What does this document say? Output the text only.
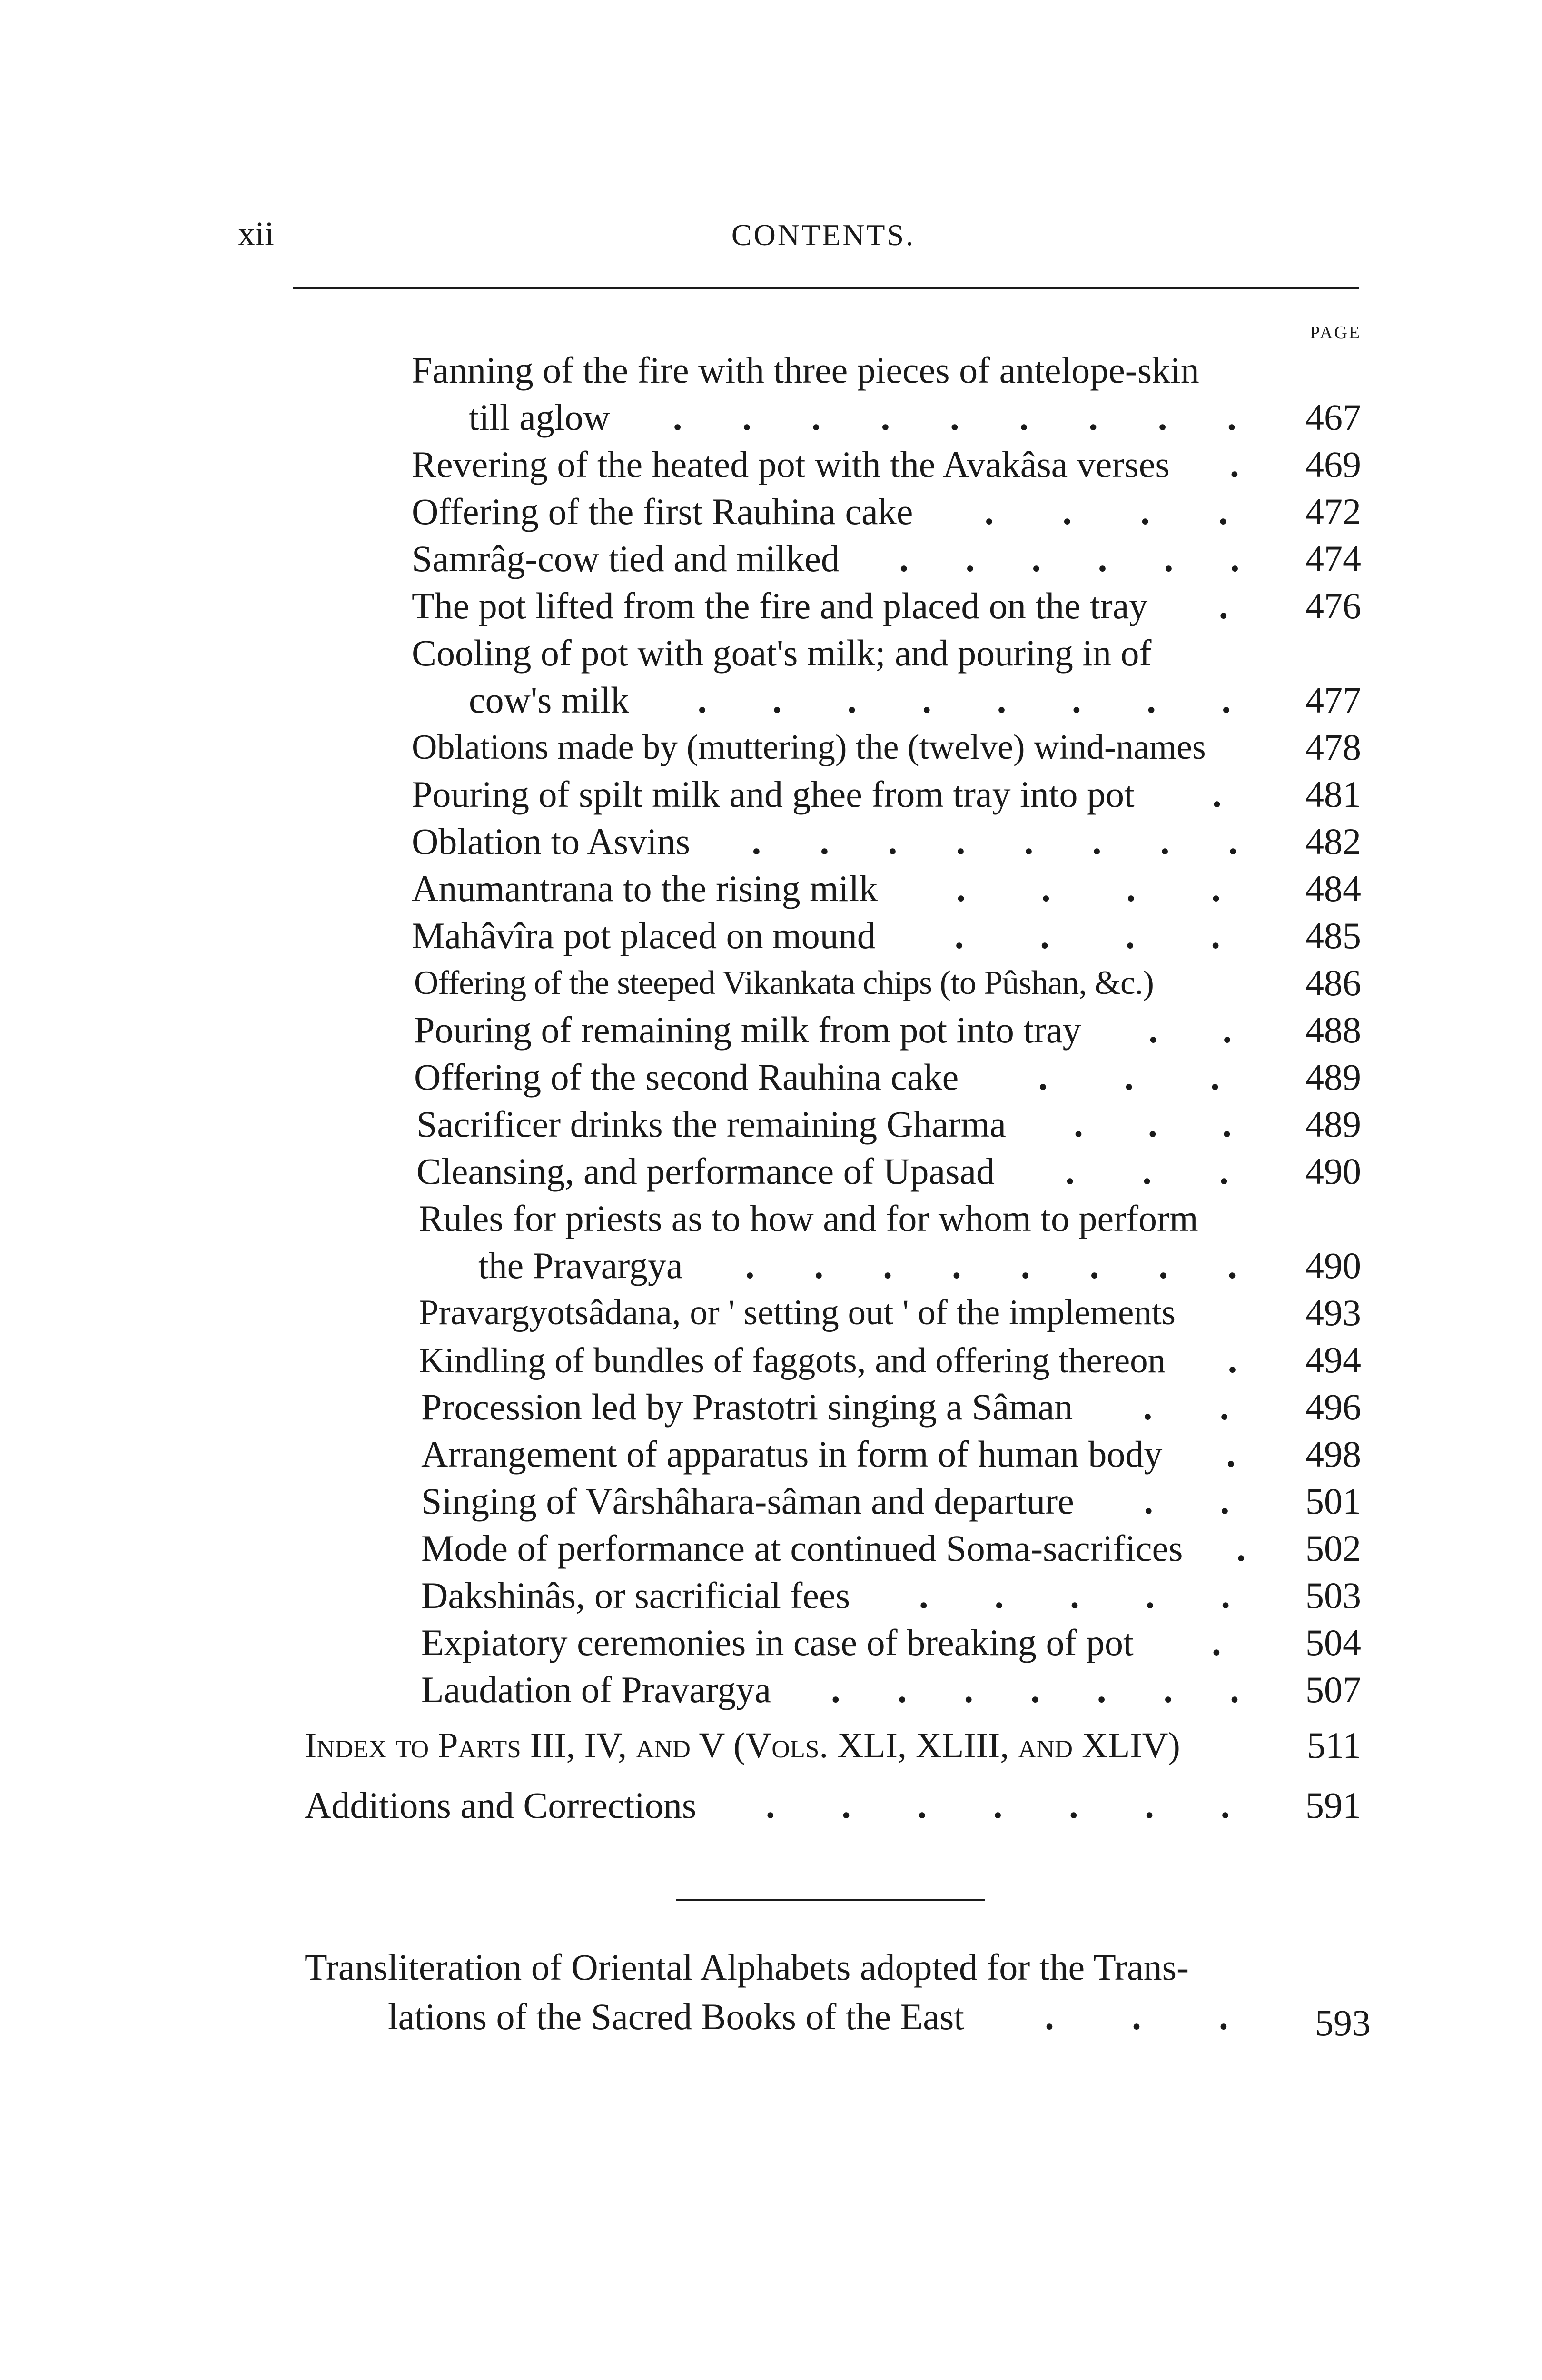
xii	CONTENTS.
PAGE
Fanning of the fire with three pieces of antelope-skin
till aglow . . . . . . . . .	467
Revering of the heated pot with the Avakâsa verses .	469
Offering of the first Rauhina cake . . . .	472
Samrâg-cow tied and milked . . . . . .	474
The pot lifted from the fire and placed on the tray .	476
Cooling of pot with goat's milk; and pouring in of
cow's milk . . . . . . . .	477
Oblations made by (muttering) the (twelve) wind-names	478
Pouring of spilt milk and ghee from tray into pot .	481
Oblation to Asvins . . . . . . . .	482
Anumantrana to the rising milk . . . .	484
Mahâvîra pot placed on mound . . . .	485
Offering of the steeped Vikankata chips (to Pûshan, &c.)	486
Pouring of remaining milk from pot into tray . .	488
Offering of the second Rauhina cake . . .	489
Sacrificer drinks the remaining Gharma . . .	489
Cleansing, and performance of Upasad . . .	490
Rules for priests as to how and for whom to perform
the Pravargya . . . . . . . .	490
Pravargyotsâdana, or ' setting out ' of the implements	493
Kindling of bundles of faggots, and offering thereon .	494
Procession led by Prastotri singing a Sâman . .	496
Arrangement of apparatus in form of human body .	498
Singing of Vârshâhara-sâman and departure . .	501
Mode of performance at continued Soma-sacrifices .	502
Dakshinâs, or sacrificial fees . . . . .	503
Expiatory ceremonies in case of breaking of pot .	504
Laudation of Pravargya . . . . . . .	507
Index to Parts III, IV, and V (Vols. XLI, XLIII, and XLIV)	511
Additions and Corrections . . . . . . .	591
Transliteration of Oriental Alphabets adopted for the Trans-
lations of the Sacred Books of the East . . .	593
